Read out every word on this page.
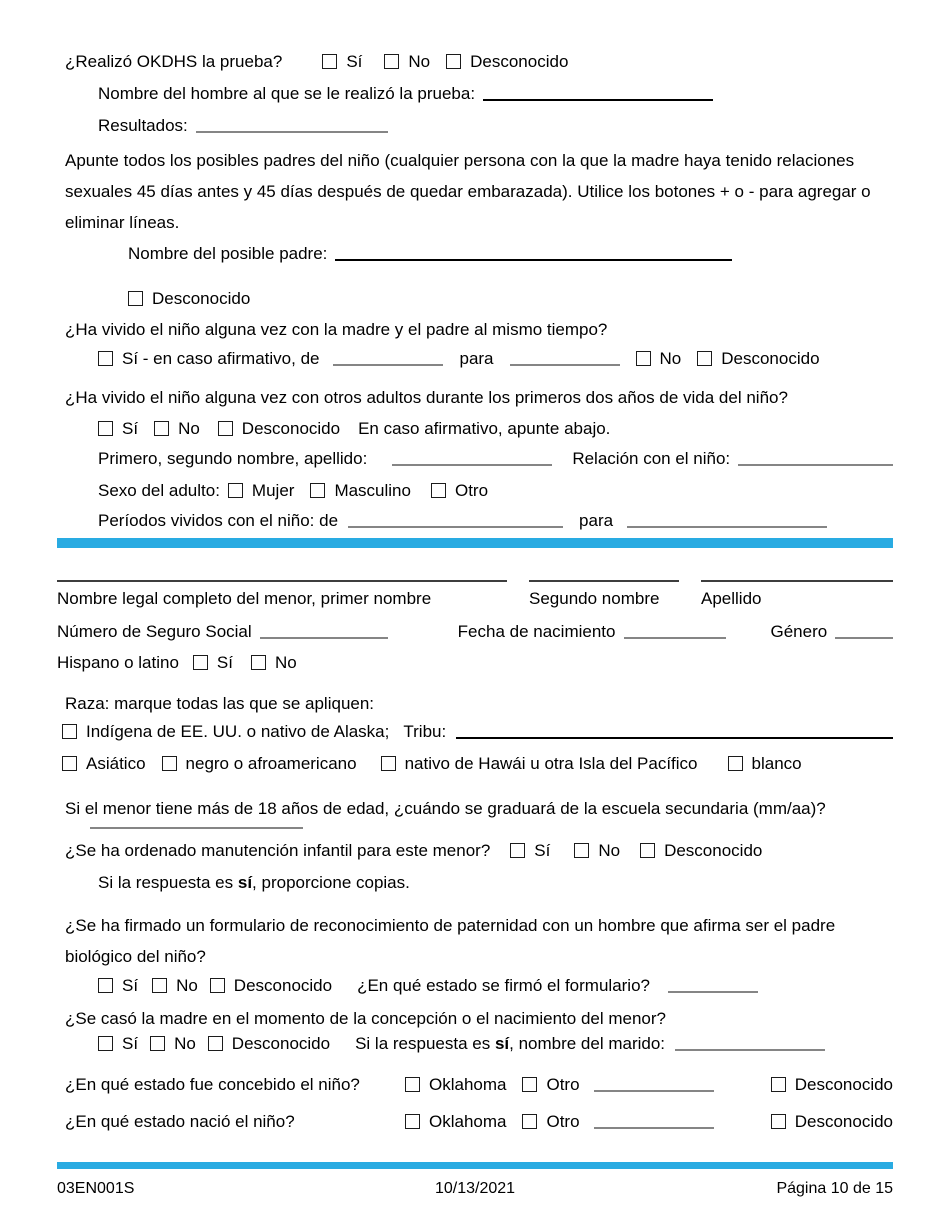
¿Realizó OKDHS la prueba?	Sí	No Desconocido
Nombre del hombre al que se le realizó la prueba:
Resultados:
Apunte todos los posibles padres del niño (cualquier persona con la que la madre haya tenido relaciones sexuales 45 días antes y 45 días después de quedar embarazada). Utilice los botones + o - para agregar o eliminar líneas.
Nombre del posible padre:
Desconocido
¿Ha vivido el niño alguna vez con la madre y el padre al mismo tiempo?
Sí - en caso afirmativo, de	para	No Desconocido
¿Ha vivido el niño alguna vez con otros adultos durante los primeros dos años de vida del niño?
Sí No Desconocido En caso afirmativo, apunte abajo.
Primero, segundo nombre, apellido:	Relación con el niño:
Sexo del adulto: Mujer Masculino	Otro
Períodos vividos con el niño: de	para
Nombre legal completo del menor, primer nombre	Segundo nombre	Apellido
Número de Seguro Social	Fecha de nacimiento	Género
Hispano o latino Sí No
Raza: marque todas las que se apliquen:
Indígena de EE. UU. o nativo de Alaska; Tribu:
Asiático negro o afroamericano	nativo de Hawái u otra Isla del Pacífico	blanco
Si el menor tiene más de 18 años de edad, ¿cuándo se graduará de la escuela secundaria (mm/aa)?
¿Se ha ordenado manutención infantil para este menor?	Sí	No	Desconocido
Si la respuesta es sí, proporcione copias.
¿Se ha firmado un formulario de reconocimiento de paternidad con un hombre que afirma ser el padre biológico del niño?
Sí No Desconocido ¿En qué estado se firmó el formulario?
¿Se casó la madre en el momento de la concepción o el nacimiento del menor?
Sí No Desconocido Si la respuesta es sí, nombre del marido:
¿En qué estado fue concebido el niño?	Oklahoma Otro	Desconocido
¿En qué estado nació el niño?	Oklahoma Otro	Desconocido
03EN001S	10/13/2021	Página 10 de 15
